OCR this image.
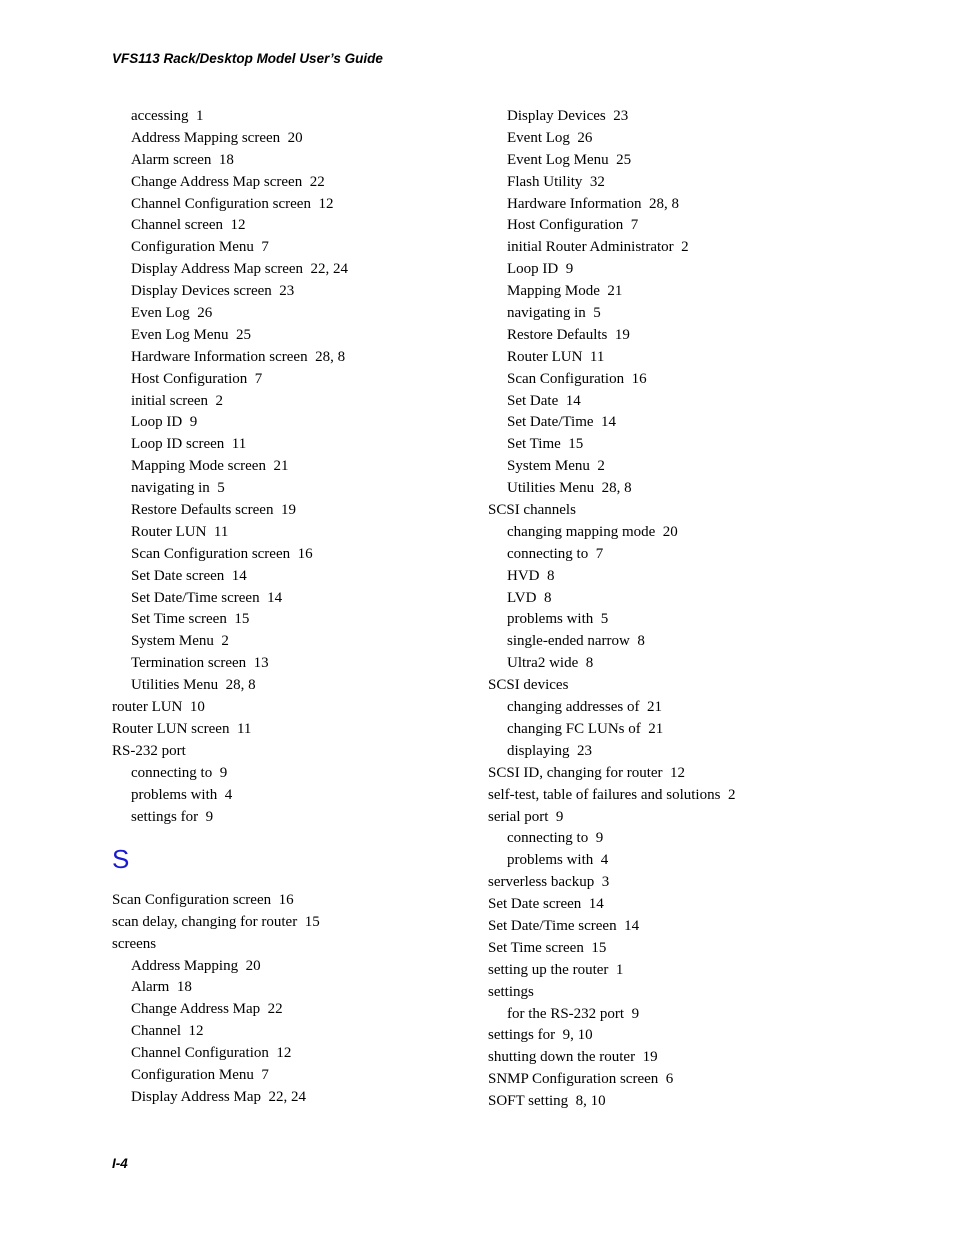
VFS113 Rack/Desktop Model User’s Guide
accessing  1
Address Mapping screen  20
Alarm screen  18
Change Address Map screen  22
Channel Configuration screen  12
Channel screen  12
Configuration Menu  7
Display Address Map screen  22, 24
Display Devices screen  23
Even Log  26
Even Log Menu  25
Hardware Information screen  28, 8
Host Configuration  7
initial screen  2
Loop ID  9
Loop ID screen  11
Mapping Mode screen  21
navigating in  5
Restore Defaults screen  19
Router LUN  11
Scan Configuration screen  16
Set Date screen  14
Set Date/Time screen  14
Set Time screen  15
System Menu  2
Termination screen  13
Utilities Menu  28, 8
router LUN  10
Router LUN screen  11
RS-232 port
connecting to  9
problems with  4
settings for  9
S
Scan Configuration screen  16
scan delay, changing for router  15
screens
Address Mapping  20
Alarm  18
Change Address Map  22
Channel  12
Channel Configuration  12
Configuration Menu  7
Display Address Map  22, 24
Display Devices  23
Event Log  26
Event Log Menu  25
Flash Utility  32
Hardware Information  28, 8
Host Configuration  7
initial Router Administrator  2
Loop ID  9
Mapping Mode  21
navigating in  5
Restore Defaults  19
Router LUN  11
Scan Configuration  16
Set Date  14
Set Date/Time  14
Set Time  15
System Menu  2
Utilities Menu  28, 8
SCSI channels
changing mapping mode  20
connecting to  7
HVD  8
LVD  8
problems with  5
single-ended narrow  8
Ultra2 wide  8
SCSI devices
changing addresses of  21
changing FC LUNs of  21
displaying  23
SCSI ID, changing for router  12
self-test, table of failures and solutions  2
serial port  9
connecting to  9
problems with  4
serverless backup  3
Set Date screen  14
Set Date/Time screen  14
Set Time screen  15
setting up the router  1
settings
for the RS-232 port  9
settings for  9, 10
shutting down the router  19
SNMP Configuration screen  6
SOFT setting  8, 10
I-4
